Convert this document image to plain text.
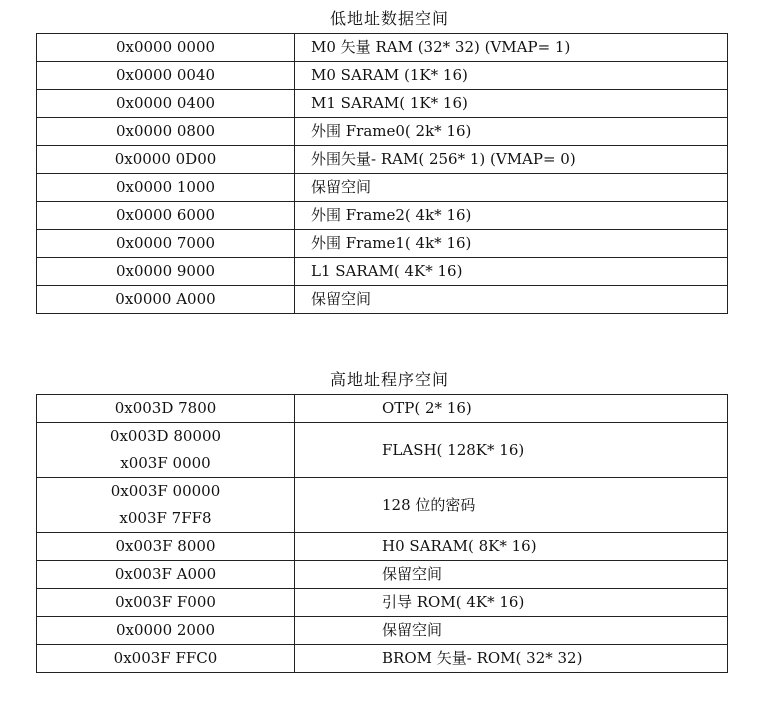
低地址数据空间
0x0000 0000	M0 矢量 RAM (32* 32) (VMAP= 1)
0x0000 0040	M0 SARAM (1K* 16)
0x0000 0400	M1 SARAM( 1K* 16)
0x0000 0800	外围 Frame0( 2k* 16)
0x0000 0D00	外围矢量- RAM( 256* 1) (VMAP= 0)
0x0000 1000	保留空间
0x0000 6000	外围 Frame2( 4k* 16)
0x0000 7000	外围 Frame1( 4k* 16)
0x0000 9000	L1 SARAM( 4K* 16)
0x0000 A000	保留空间
高地址程序空间
0x003D 7800	OTP( 2* 16)

0x003D 80000
x003F 0000	FLASH( 128K* 16)

0x003F 00000
x003F 7FF8	128 位的密码

0x003F 8000	H0 SARAM( 8K* 16)

0x003F A000	保留空间

0x003F F000	引导 ROM( 4K* 16)

0x0000 2000	保留空间

0x003F FFC0	BROM 矢量- ROM( 32* 32)
